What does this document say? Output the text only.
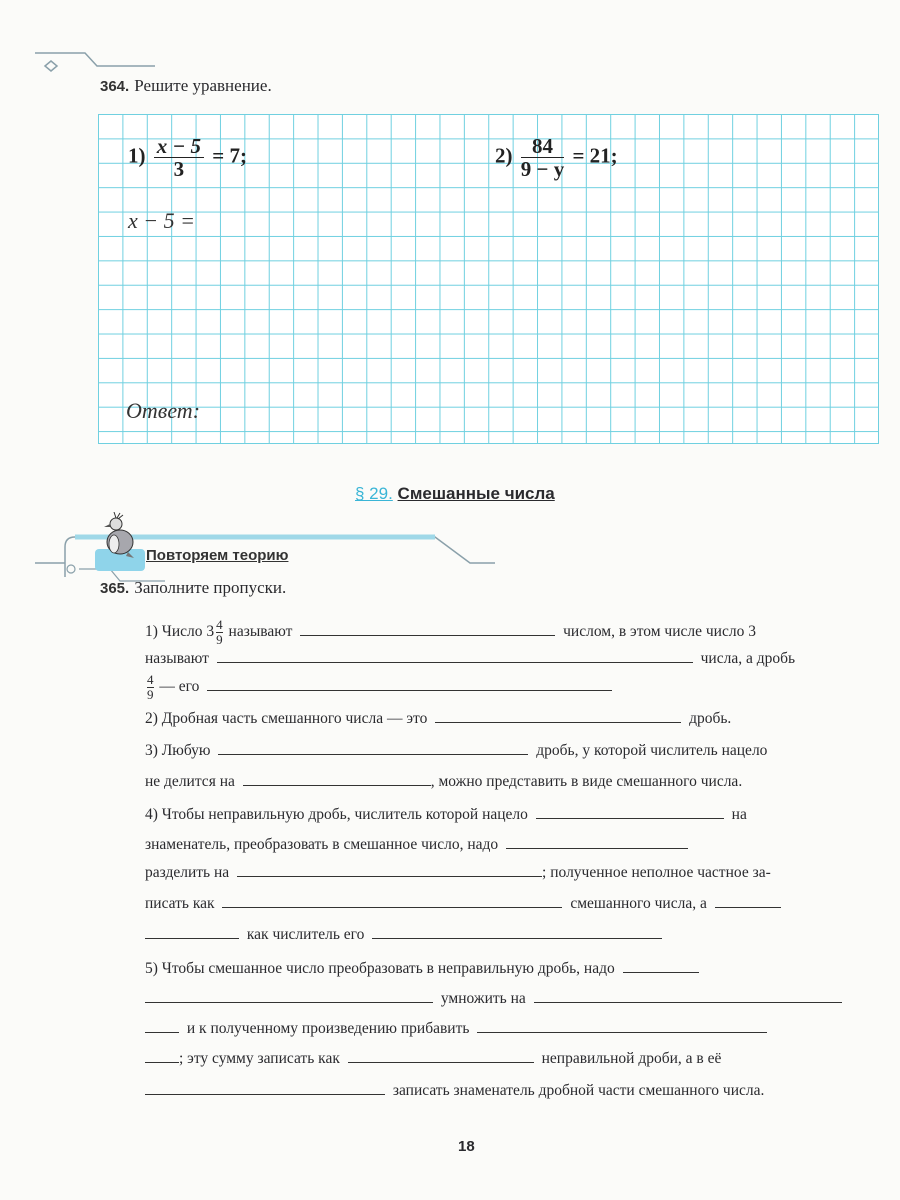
364. Решите уравнение.
$1) \frac{x - 5}{3} = 7$;	$2) \frac{84}{9 - y} = 21$;
x − 5 =
Ответ:
§ 29. Смешанные числа
Повторяем теорию
365. Заполните пропуски.
1) Число $3 \frac{4}{9}$ называют	числом, в этом числе число 3
называют	числа, а дробь
$\frac{4}{9}$ — его
2) Дробная часть смешанного числа — это	дробь.
3) Любую	дробь, у которой числитель нацело
не делится на	, можно представить в виде смешанного числа.
4) Чтобы неправильную дробь, числитель которой нацело	на
знаменатель, преобразовать в смешанное число, надо
разделить на	; полученное неполное частное за-
писать как	смешанного числа, а
как числитель его
5) Чтобы смешанное число преобразовать в неправильную дробь, надо
умножить на
и к полученному произведению прибавить
; эту сумму записать как	неправильной дроби, а в её
записать знаменатель дробной части смешанного числа.
18
